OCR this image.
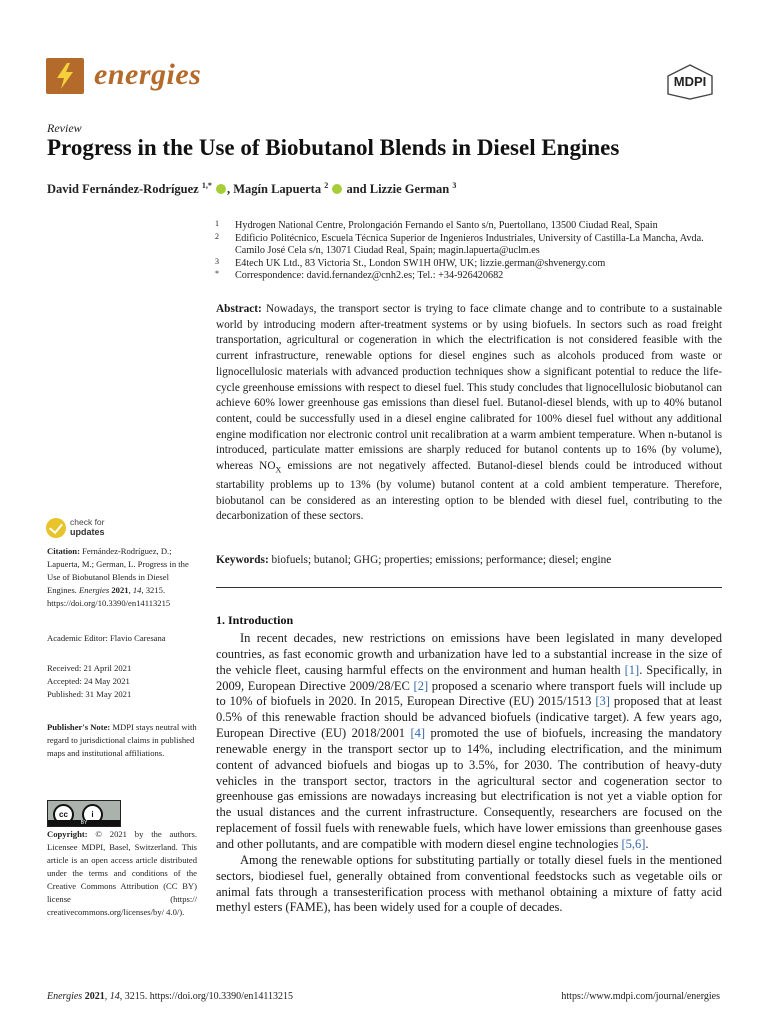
energies	MDPI
Review
Progress in the Use of Biobutanol Blends in Diesel Engines
David Fernández-Rodríguez $^{1,*}$ , Magín Lapuerta $^2$  and Lizzie German $^3$
1 Hydrogen National Centre, Prolongación Fernando el Santo s/n, Puertollano, 13500 Ciudad Real, Spain
2 Edificio Politécnico, Escuela Técnica Superior de Ingenieros Industriales, University of Castilla-La Mancha, Avda. Camilo José Cela s/n, 13071 Ciudad Real, Spain; magin.lapuerta@uclm.es
3 E4tech UK Ltd., 83 Victoria St., London SW1H 0HW, UK; lizzie.german@shvenergy.com
* Correspondence: david.fernandez@cnh2.es; Tel.: +34-926420682
Abstract: Nowadays, the transport sector is trying to face climate change and to contribute to a sustainable world by introducing modern after-treatment systems or by using biofuels. In sectors such as road freight transportation, agricultural or cogeneration in which the electrification is not considered feasible with the current infrastructure, renewable options for diesel engines such as alcohols produced from waste or lignocellulosic materials with advanced production techniques show a significant potential to reduce the life-cycle greenhouse emissions with respect to diesel fuel. This study concludes that lignocellulosic biobutanol can achieve 60% lower greenhouse gas emissions than diesel fuel. Butanol-diesel blends, with up to 40% butanol content, could be successfully used in a diesel engine calibrated for 100% diesel fuel without any additional engine modification nor electronic control unit recalibration at a warm ambient temperature. When n-butanol is introduced, particulate matter emissions are sharply reduced for butanol contents up to 16% (by volume), whereas $NO_X$ emissions are not negatively affected. Butanol-diesel blends could be introduced without startability problems up to 13% (by volume) butanol content at a cold ambient temperature. Therefore, biobutanol can be considered as an interesting option to be blended with diesel fuel, contributing to the decarbonization of these sectors.
Keywords: biofuels; butanol; GHG; properties; emissions; performance; diesel; engine
1. Introduction

In recent decades, new restrictions on emissions have been legislated in many developed countries, as fast economic growth and urbanization have led to a substantial increase in the size of the vehicle fleet, causing harmful effects on the environment and human health [1]. Specifically, in 2009, European Directive 2009/28/EC [2] proposed a scenario where transport fuels will include up to 10% of biofuels in 2020. In 2015, European Directive (EU) 2015/1513 [3] proposed that at least 0.5% of this renewable fraction should be advanced biofuels (indicative target). A few years ago, European Directive (EU) 2018/2001 [4] promoted the use of biofuels, increasing the mandatory renewable energy in the transport sector up to 14%, including electrification, and the minimum content of advanced biofuels and biogas up to 3.5%, for 2030. The contribution of heavy-duty vehicles in the transport sector, tractors in the agricultural sector and cogeneration sector to greenhouse gas emissions are nowadays increasing but electrification is not yet a viable option for the usual distances and the current infrastructure. Consequently, researchers are focused on the replacement of fossil fuels with renewable fuels, which have lower emissions than greenhouse gases and other pollutants, and are compatible with modern diesel engine technologies [5,6].

Among the renewable options for substituting partially or totally diesel fuels in the mentioned sectors, biodiesel fuel, generally obtained from conventional feedstocks such as vegetable oils or animal fats through a transesterification process with methanol obtaining a mixture of fatty acid methyl esters (FAME), has been widely used for a couple of decades.

check for
updates
Citation: Fernández-Rodríguez, D.; Lapuerta, M.; German, L. Progress in the Use of Biobutanol Blends in Diesel Engines. Energies 2021, 14, 3215. https://doi.org/10.3390/en14113215
Academic Editor: Flavio Caresana
Received: 21 April 2021
Accepted: 24 May 2021
Published: 31 May 2021
Publisher's Note: MDPI stays neutral with regard to jurisdictional claims in published maps and institutional affiliations.
cc	i
BY
Copyright: © 2021 by the authors. Licensee MDPI, Basel, Switzerland. This article is an open access article distributed under the terms and conditions of the Creative Commons Attribution (CC BY) license (https:// creativecommons.org/licenses/by/ 4.0/).
Energies 2021, 14, 3215. https://doi.org/10.3390/en14113215	https://www.mdpi.com/journal/energies
